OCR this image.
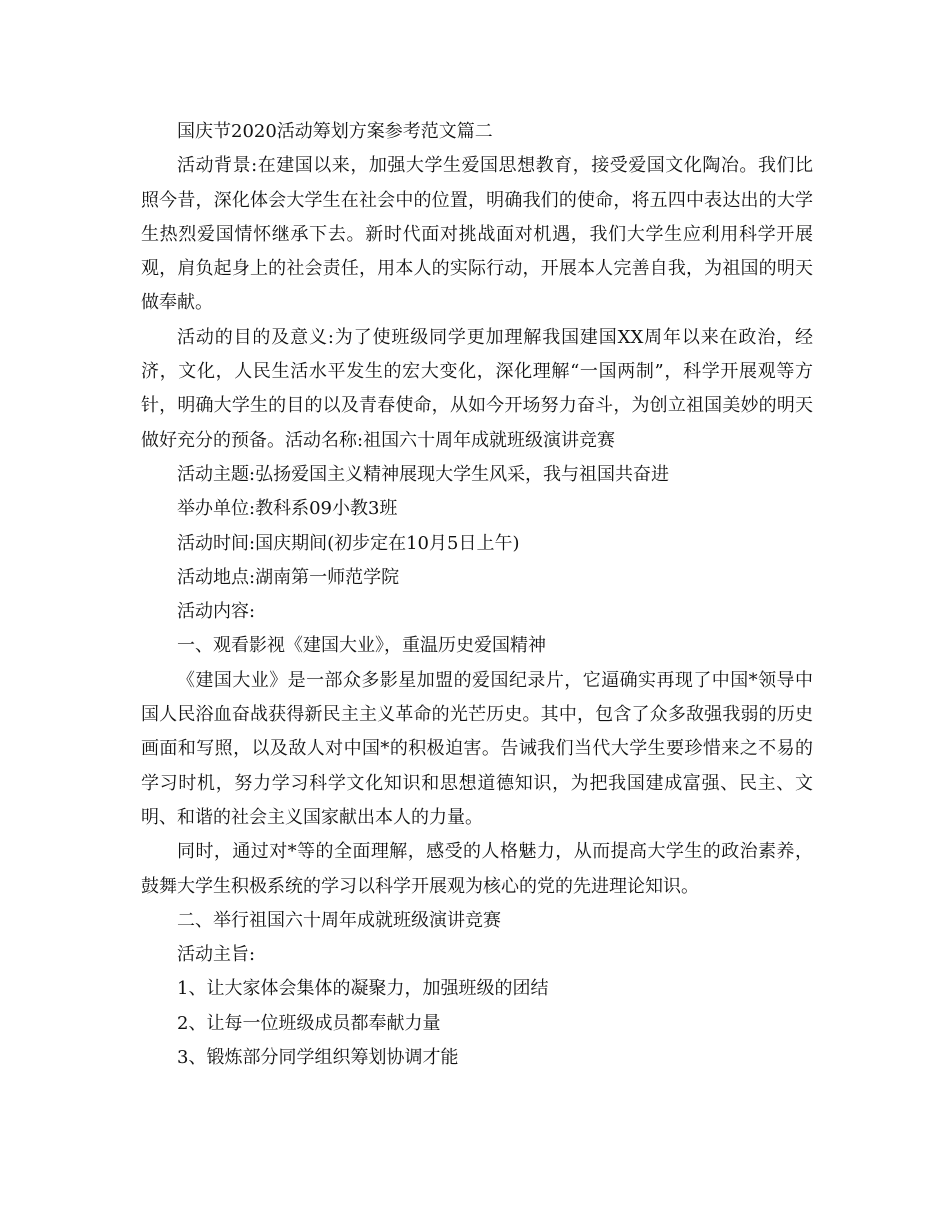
国庆节2020活动筹划方案参考范文篇二

活动背景:在建国以来，加强大学生爱国思想教育，接受爱国文化陶冶。我们比照今昔，深化体会大学生在社会中的位置，明确我们的使命，将五四中表达出的大学生热烈爱国情怀继承下去。新时代面对挑战面对机遇，我们大学生应利用科学开展观，肩负起身上的社会责任，用本人的实际行动，开展本人完善自我，为祖国的明天做奉献。

活动的目的及意义:为了使班级同学更加理解我国建国XX周年以来在政治，经济，文化，人民生活水平发生的宏大变化，深化理解“一国两制”，科学开展观等方针，明确大学生的目的以及青春使命，从如今开场努力奋斗，为创立祖国美妙的明天做好充分的预备。活动名称:祖国六十周年成就班级演讲竞赛

活动主题:弘扬爱国主义精神展现大学生风采，我与祖国共奋进

举办单位:教科系09小教3班

活动时间:国庆期间(初步定在10月5日上午)

活动地点:湖南第一师范学院

活动内容:

一、观看影视《建国大业》，重温历史爱国精神

《建国大业》是一部众多影星加盟的爱国纪录片，它逼确实再现了中国*领导中国人民浴血奋战获得新民主主义革命的光芒历史。其中，包含了众多敌强我弱的历史画面和写照，以及敌人对中国*的积极迫害。告诫我们当代大学生要珍惜来之不易的学习时机，努力学习科学文化知识和思想道德知识，为把我国建成富强、民主、文明、和谐的社会主义国家献出本人的力量。

同时，通过对*等的全面理解，感受的人格魅力，从而提高大学生的政治素养，鼓舞大学生积极系统的学习以科学开展观为核心的党的先进理论知识。

二、举行祖国六十周年成就班级演讲竞赛

活动主旨:

1、让大家体会集体的凝聚力，加强班级的团结

2、让每一位班级成员都奉献力量

3、锻炼部分同学组织筹划协调才能
